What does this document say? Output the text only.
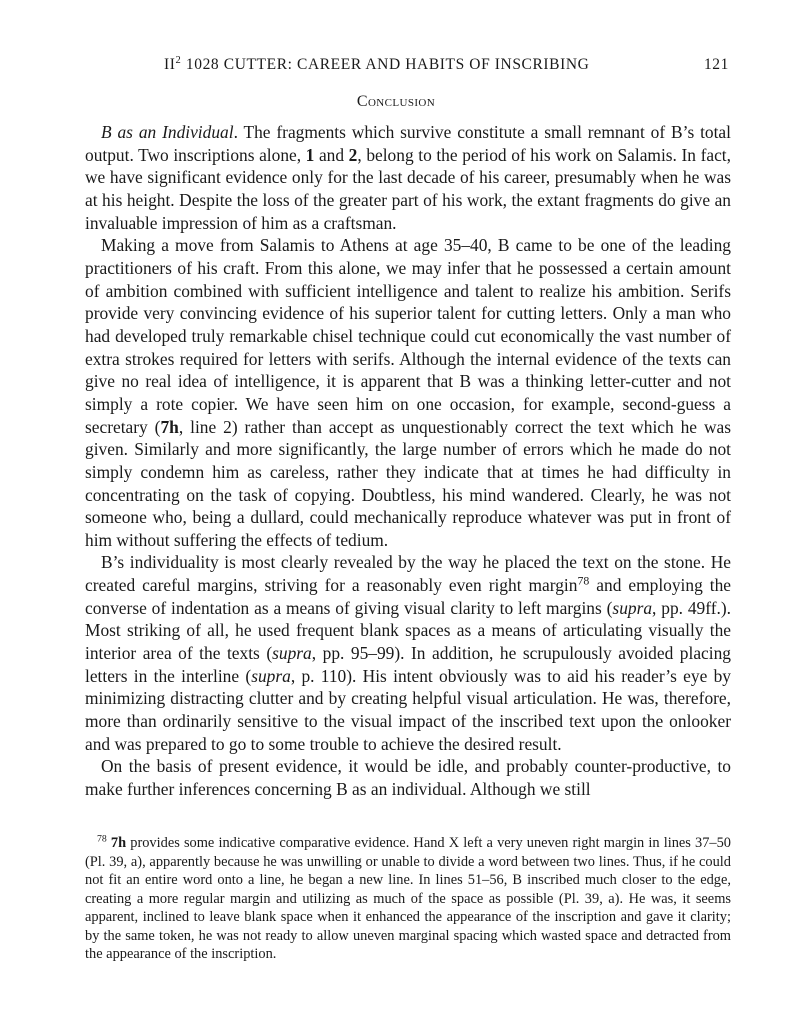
$II^2$ 1028 CUTTER: CAREER AND HABITS OF INSCRIBING	121
Conclusion

B as an Individual. The fragments which survive constitute a small remnant of B’s total output. Two inscriptions alone, 1 and 2, belong to the period of his work on Salamis. In fact, we have significant evidence only for the last decade of his career, presumably when he was at his height. Despite the loss of the greater part of his work, the extant fragments do give an invaluable impression of him as a craftsman.

Making a move from Salamis to Athens at age 35–40, B came to be one of the leading practitioners of his craft. From this alone, we may infer that he possessed a certain amount of ambition combined with sufficient intelligence and talent to realize his ambition. Serifs provide very convincing evidence of his superior talent for cutting letters. Only a man who had developed truly remarkable chisel technique could cut economically the vast number of extra strokes required for letters with serifs. Although the internal evidence of the texts can give no real idea of intelligence, it is apparent that B was a thinking letter-cutter and not simply a rote copier. We have seen him on one occasion, for example, second-guess a secretary (7h, line 2) rather than accept as unquestionably correct the text which he was given. Similarly and more significantly, the large number of errors which he made do not simply condemn him as careless, rather they indicate that at times he had difficulty in concentrating on the task of copying. Doubtless, his mind wandered. Clearly, he was not someone who, being a dullard, could mechanically reproduce whatever was put in front of him without suffering the effects of tedium.

B’s individuality is most clearly revealed by the way he placed the text on the stone. He created careful margins, striving for a reasonably even right margin$^{78}$ and employing the converse of indentation as a means of giving visual clarity to left margins (supra, pp. 49ff.). Most striking of all, he used frequent blank spaces as a means of articulating visually the interior area of the texts (supra, pp. 95–99). In addition, he scrupulously avoided placing letters in the interline (supra, p. 110). His intent obviously was to aid his reader’s eye by minimizing distracting clutter and by creating helpful visual articulation. He was, therefore, more than ordinarily sensitive to the visual impact of the inscribed text upon the onlooker and was prepared to go to some trouble to achieve the desired result.

On the basis of present evidence, it would be idle, and probably counter-productive, to make further inferences concerning B as an individual. Although we still

$^{78}$ 7h provides some indicative comparative evidence. Hand X left a very uneven right margin in lines 37–50 (Pl. 39, a), apparently because he was unwilling or unable to divide a word between two lines. Thus, if he could not fit an entire word onto a line, he began a new line. In lines 51–56, B inscribed much closer to the edge, creating a more regular margin and utilizing as much of the space as possible (Pl. 39, a). He was, it seems apparent, inclined to leave blank space when it enhanced the appearance of the inscription and gave it clarity; by the same token, he was not ready to allow uneven marginal spacing which wasted space and detracted from the appearance of the inscription.
